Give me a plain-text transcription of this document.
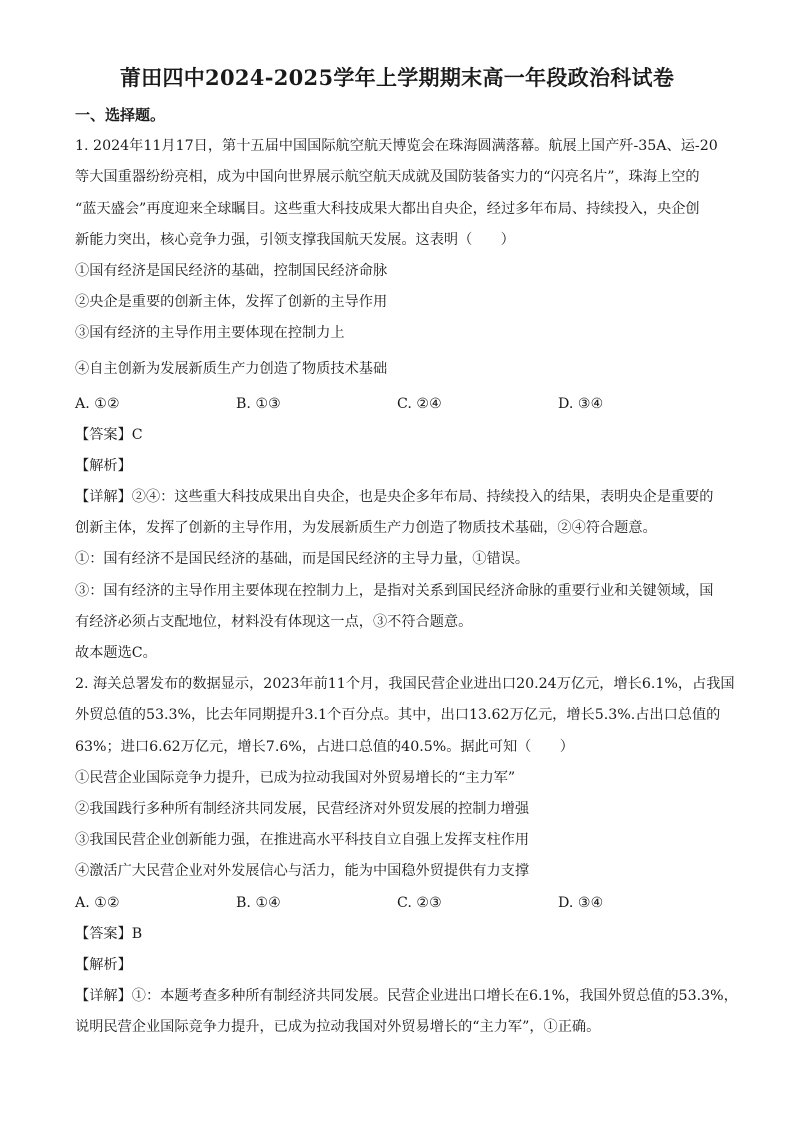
莆田四中2024-2025学年上学期期末高一年段政治科试卷
一、选择题。
1. 2024年11月17日，第十五届中国国际航空航天博览会在珠海圆满落幕。航展上国产歼-35A、运-20
等大国重器纷纷亮相，成为中国向世界展示航空航天成就及国防装备实力的“闪亮名片”，珠海上空的
“蓝天盛会”再度迎来全球瞩目。这些重大科技成果大都出自央企，经过多年布局、持续投入，央企创
新能力突出，核心竞争力强，引领支撑我国航天发展。这表明（　　）
①国有经济是国民经济的基础，控制国民经济命脉
②央企是重要的创新主体，发挥了创新的主导作用
③国有经济的主导作用主要体现在控制力上
④自主创新为发展新质生产力创造了物质技术基础
A. ①②	B. ①③	C. ②④	D. ③④
【答案】C
【解析】
【详解】②④：这些重大科技成果出自央企，也是央企多年布局、持续投入的结果，表明央企是重要的
创新主体，发挥了创新的主导作用，为发展新质生产力创造了物质技术基础，②④符合题意。
①：国有经济不是国民经济的基础，而是国民经济的主导力量，①错误。
③：国有经济的主导作用主要体现在控制力上，是指对关系到国民经济命脉的重要行业和关键领域，国
有经济必须占支配地位，材料没有体现这一点，③不符合题意。
故本题选C。
2. 海关总署发布的数据显示，2023年前11个月，我国民营企业进出口20.24万亿元，增长6.1%，占我国
外贸总值的53.3%，比去年同期提升3.1个百分点。其中，出口13.62万亿元，增长5.3%.占出口总值的
63%；进口6.62万亿元，增长7.6%，占进口总值的40.5%。据此可知（　　）
①民营企业国际竞争力提升，已成为拉动我国对外贸易增长的“主力军”
②我国践行多种所有制经济共同发展，民营经济对外贸发展的控制力增强
③我国民营企业创新能力强，在推进高水平科技自立自强上发挥支柱作用
④激活广大民营企业对外发展信心与活力，能为中国稳外贸提供有力支撑
A. ①②	B. ①④	C. ②③	D. ③④
【答案】B
【解析】
【详解】①：本题考查多种所有制经济共同发展。民营企业进出口增长在6.1%，我国外贸总值的53.3%，
说明民营企业国际竞争力提升，已成为拉动我国对外贸易增长的“主力军”，①正确。
